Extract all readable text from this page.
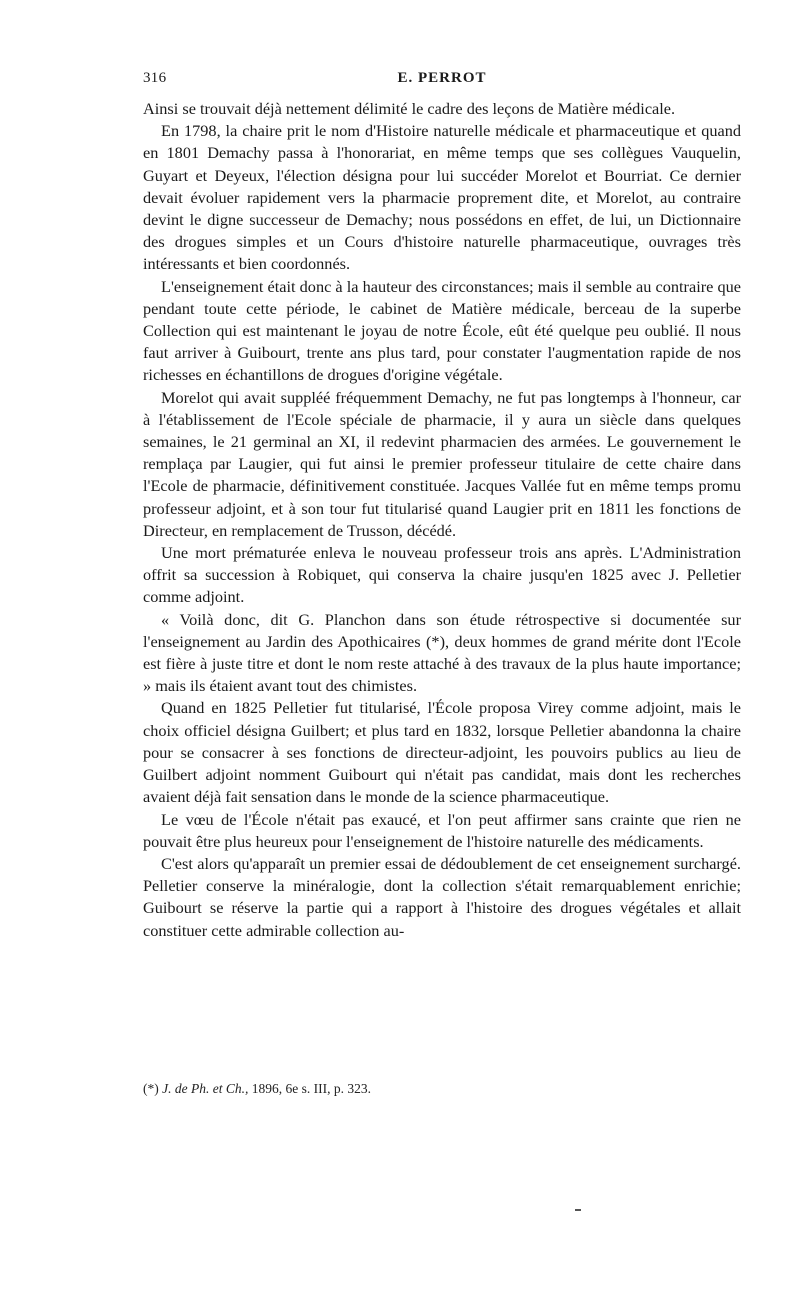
316	E. PERROT

Ainsi se trouvait déjà nettement délimité le cadre des leçons de Matière médicale.

En 1798, la chaire prit le nom d'Histoire naturelle médicale et pharmaceutique et quand en 1801 Demachy passa à l'honorariat, en même temps que ses collègues Vauquelin, Guyart et Deyeux, l'élection désigna pour lui succéder Morelot et Bourriat. Ce dernier devait évoluer rapidement vers la pharmacie proprement dite, et Morelot, au contraire devint le digne successeur de Demachy; nous possédons en effet, de lui, un Dictionnaire des drogues simples et un Cours d'histoire naturelle pharmaceutique, ouvrages très intéressants et bien coordonnés.

L'enseignement était donc à la hauteur des circonstances; mais il semble au contraire que pendant toute cette période, le cabinet de Matière médicale, berceau de la superbe Collection qui est maintenant le joyau de notre École, eût été quelque peu oublié. Il nous faut arriver à Guibourt, trente ans plus tard, pour constater l'augmentation rapide de nos richesses en échantillons de drogues d'origine végétale.

Morelot qui avait suppléé fréquemment Demachy, ne fut pas longtemps à l'honneur, car à l'établissement de l'Ecole spéciale de pharmacie, il y aura un siècle dans quelques semaines, le 21 germinal an XI, il redevint pharmacien des armées. Le gouvernement le remplaça par Laugier, qui fut ainsi le premier professeur titulaire de cette chaire dans l'Ecole de pharmacie, définitivement constituée. Jacques Vallée fut en même temps promu professeur adjoint, et à son tour fut titularisé quand Laugier prit en 1811 les fonctions de Directeur, en remplacement de Trusson, décédé.

Une mort prématurée enleva le nouveau professeur trois ans après. L'Administration offrit sa succession à Robiquet, qui conserva la chaire jusqu'en 1825 avec J. Pelletier comme adjoint.

« Voilà donc, dit G. Planchon dans son étude rétrospective si documentée sur l'enseignement au Jardin des Apothicaires (*), deux hommes de grand mérite dont l'Ecole est fière à juste titre et dont le nom reste attaché à des travaux de la plus haute importance; » mais ils étaient avant tout des chimistes.

Quand en 1825 Pelletier fut titularisé, l'École proposa Virey comme adjoint, mais le choix officiel désigna Guilbert; et plus tard en 1832, lorsque Pelletier abandonna la chaire pour se consacrer à ses fonctions de directeur-adjoint, les pouvoirs publics au lieu de Guilbert adjoint nomment Guibourt qui n'était pas candidat, mais dont les recherches avaient déjà fait sensation dans le monde de la science pharmaceutique.

Le vœu de l'École n'était pas exaucé, et l'on peut affirmer sans crainte que rien ne pouvait être plus heureux pour l'enseignement de l'histoire naturelle des médicaments.

C'est alors qu'apparaît un premier essai de dédoublement de cet enseignement surchargé. Pelletier conserve la minéralogie, dont la collection s'était remarquablement enrichie; Guibourt se réserve la partie qui a rapport à l'histoire des drogues végétales et allait constituer cette admirable collection au-

(*) J. de Ph. et Ch., 1896, 6e s. III, p. 323.
